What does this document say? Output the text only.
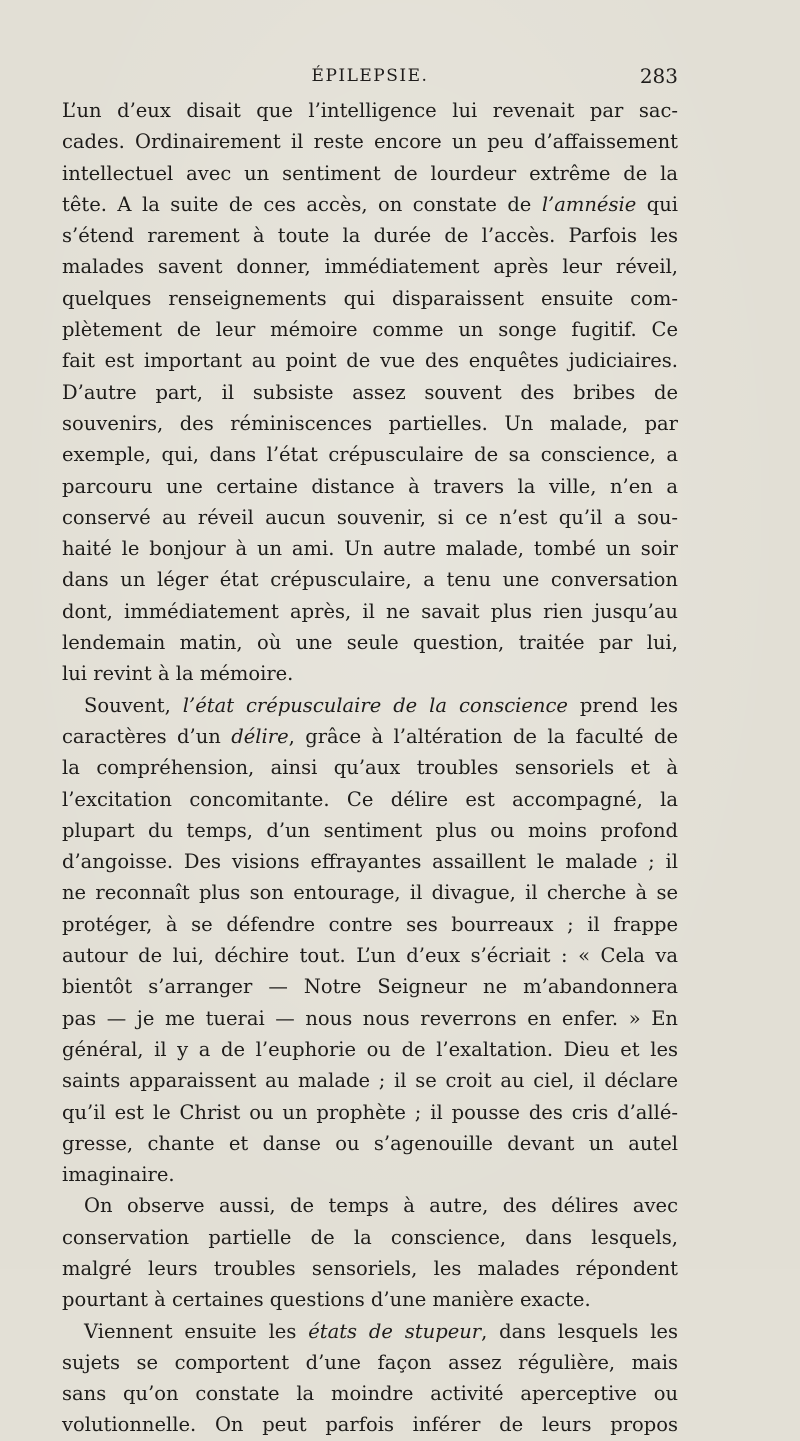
ÉPILEPSIE.	283
L’un d’eux disait que l’intelligence lui revenait par sac-
cades. Ordinairement il reste encore un peu d’affaissement
intellectuel avec un sentiment de lourdeur extrême de la
tête. A la suite de ces accès, on constate de l’amnésie qui
s’étend rarement à toute la durée de l’accès. Parfois les
malades savent donner, immédiatement après leur réveil,
quelques renseignements qui disparaissent ensuite com-
plètement de leur mémoire comme un songe fugitif. Ce
fait est important au point de vue des enquêtes judiciaires.
D’autre part, il subsiste assez souvent des bribes de
souvenirs, des réminiscences partielles. Un malade, par
exemple, qui, dans l’état crépusculaire de sa conscience, a
parcouru une certaine distance à travers la ville, n’en a
conservé au réveil aucun souvenir, si ce n’est qu’il a sou-
haité le bonjour à un ami. Un autre malade, tombé un soir
dans un léger état crépusculaire, a tenu une conversation
dont, immédiatement après, il ne savait plus rien jusqu’au
lendemain matin, où une seule question, traitée par lui,
lui revint à la mémoire.
Souvent, l’état crépusculaire de la conscience prend les
caractères d’un délire, grâce à l’altération de la faculté de
la compréhension, ainsi qu’aux troubles sensoriels et à
l’excitation concomitante. Ce délire est accompagné, la
plupart du temps, d’un sentiment plus ou moins profond
d’angoisse. Des visions effrayantes assaillent le malade ; il
ne reconnaît plus son entourage, il divague, il cherche à se
protéger, à se défendre contre ses bourreaux ; il frappe
autour de lui, déchire tout. L’un d’eux s’écriait : « Cela va
bientôt s’arranger — Notre Seigneur ne m’abandonnera
pas — je me tuerai — nous nous reverrons en enfer. » En
général, il y a de l’euphorie ou de l’exaltation. Dieu et les
saints apparaissent au malade ; il se croit au ciel, il déclare
qu’il est le Christ ou un prophète ; il pousse des cris d’allé-
gresse, chante et danse ou s’agenouille devant un autel
imaginaire.
On observe aussi, de temps à autre, des délires avec
conservation partielle de la conscience, dans lesquels,
malgré leurs troubles sensoriels, les malades répondent
pourtant à certaines questions d’une manière exacte.
Viennent ensuite les états de stupeur, dans lesquels les
sujets se comportent d’une façon assez régulière, mais
sans qu’on constate la moindre activité aperceptive ou
volutionnelle. On peut parfois inférer de leurs propos
